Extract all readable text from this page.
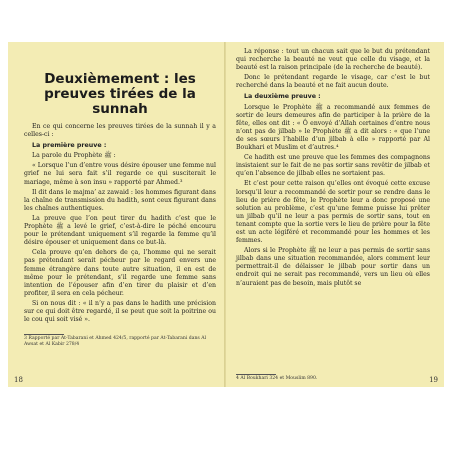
Deuxièmement : les preuves tirées de la sunnah

En ce qui concerne les preuves tirées de la sunnah il y a celles-ci :

La première preuve :

La parole du Prophète ﷺ :

« Lorsque l’un d’entre vous désire épouser une femme nul grief ne lui sera fait s’il regarde ce qui susciterait le mariage, même à son insu » rapporté par Ahmed.³

Il dit dans le majma’ az zawaid : les hommes figurant dans la chaîne de transmission du hadith, sont ceux figurant dans les chaînes authentiques.

La preuve que l’on peut tirer du hadith c’est que le Prophète ﷺ a levé le grief, c’est-à-dire le péché encouru pour le prétendant uniquement s’il regarde la femme qu’il désire épouser et uniquement dans ce but-là.

Cela prouve qu’en dehors de ça, l’homme qui ne serait pas prétendant serait pécheur par le regard envers une femme étrangère dans toute autre situation, il en est de même pour le prétendant, s’il regarde une femme sans intention de l’épouser afin d’en tirer du plaisir et d’en profiter, il sera en cela pécheur.

Si on nous dit : « il n’y a pas dans le hadith une précision sur ce qui doit être regardé, il se peut que soit la poitrine ou le cou qui soit visé ».

3 Rapporté par At-Tabarani et Ahmed 424/5, rapporté par At-Tabarani dans Al Awsat et Al Kabir 278/4
18

La réponse : tout un chacun sait que le but du prétendant qui recherche la beauté ne veut que celle du visage, et la beauté est la raison principale (de la recherche de beauté).

Donc le prétendant regarde le visage, car c’est le but recherché dans la beauté et ne fait aucun doute.

La deuxième preuve :

Lorsque le Prophète ﷺ a recommandé aux femmes de sortir de leurs demeures afin de participer à la prière de la fête, elles ont dit : « Ô envoyé d’Allah certaines d’entre nous n’ont pas de jilbab » le Prophète ﷺ a dit alors : « que l’une de ses sœurs l’habille d’un jilbab à elle » rapporté par Al Boukhari et Muslim et d’autres.⁴

Ce hadith est une preuve que les femmes des compagnons insistaient sur le fait de ne pas sortir sans revêtir de jilbab et qu’en l’absence de jilbab elles ne sortaient pas.

Et c’est pour cette raison qu’elles ont évoqué cette excuse lorsqu’il leur a recommandé de sortir pour se rendre dans le lieu de prière de fête, le Prophète leur a donc proposé une solution au problème, c’est qu’une femme puisse lui prêter un jilbab qu’il ne leur a pas permis de sortir sans, tout en tenant compte que la sortie vers le lieu de prière pour la fête est un acte légiféré et recommandé pour les hommes et les femmes.

Alors si le Prophète ﷺ ne leur a pas permis de sortir sans jilbab dans une situation recommandée, alors comment leur permettrait-il de délaisser le jilbab pour sortir dans un endroit qui ne serait pas recommandé, vers un lieu où elles n’auraient pas de besoin, mais plutôt se

4 Al Boukhari 324 et Mouslim 890.	19
